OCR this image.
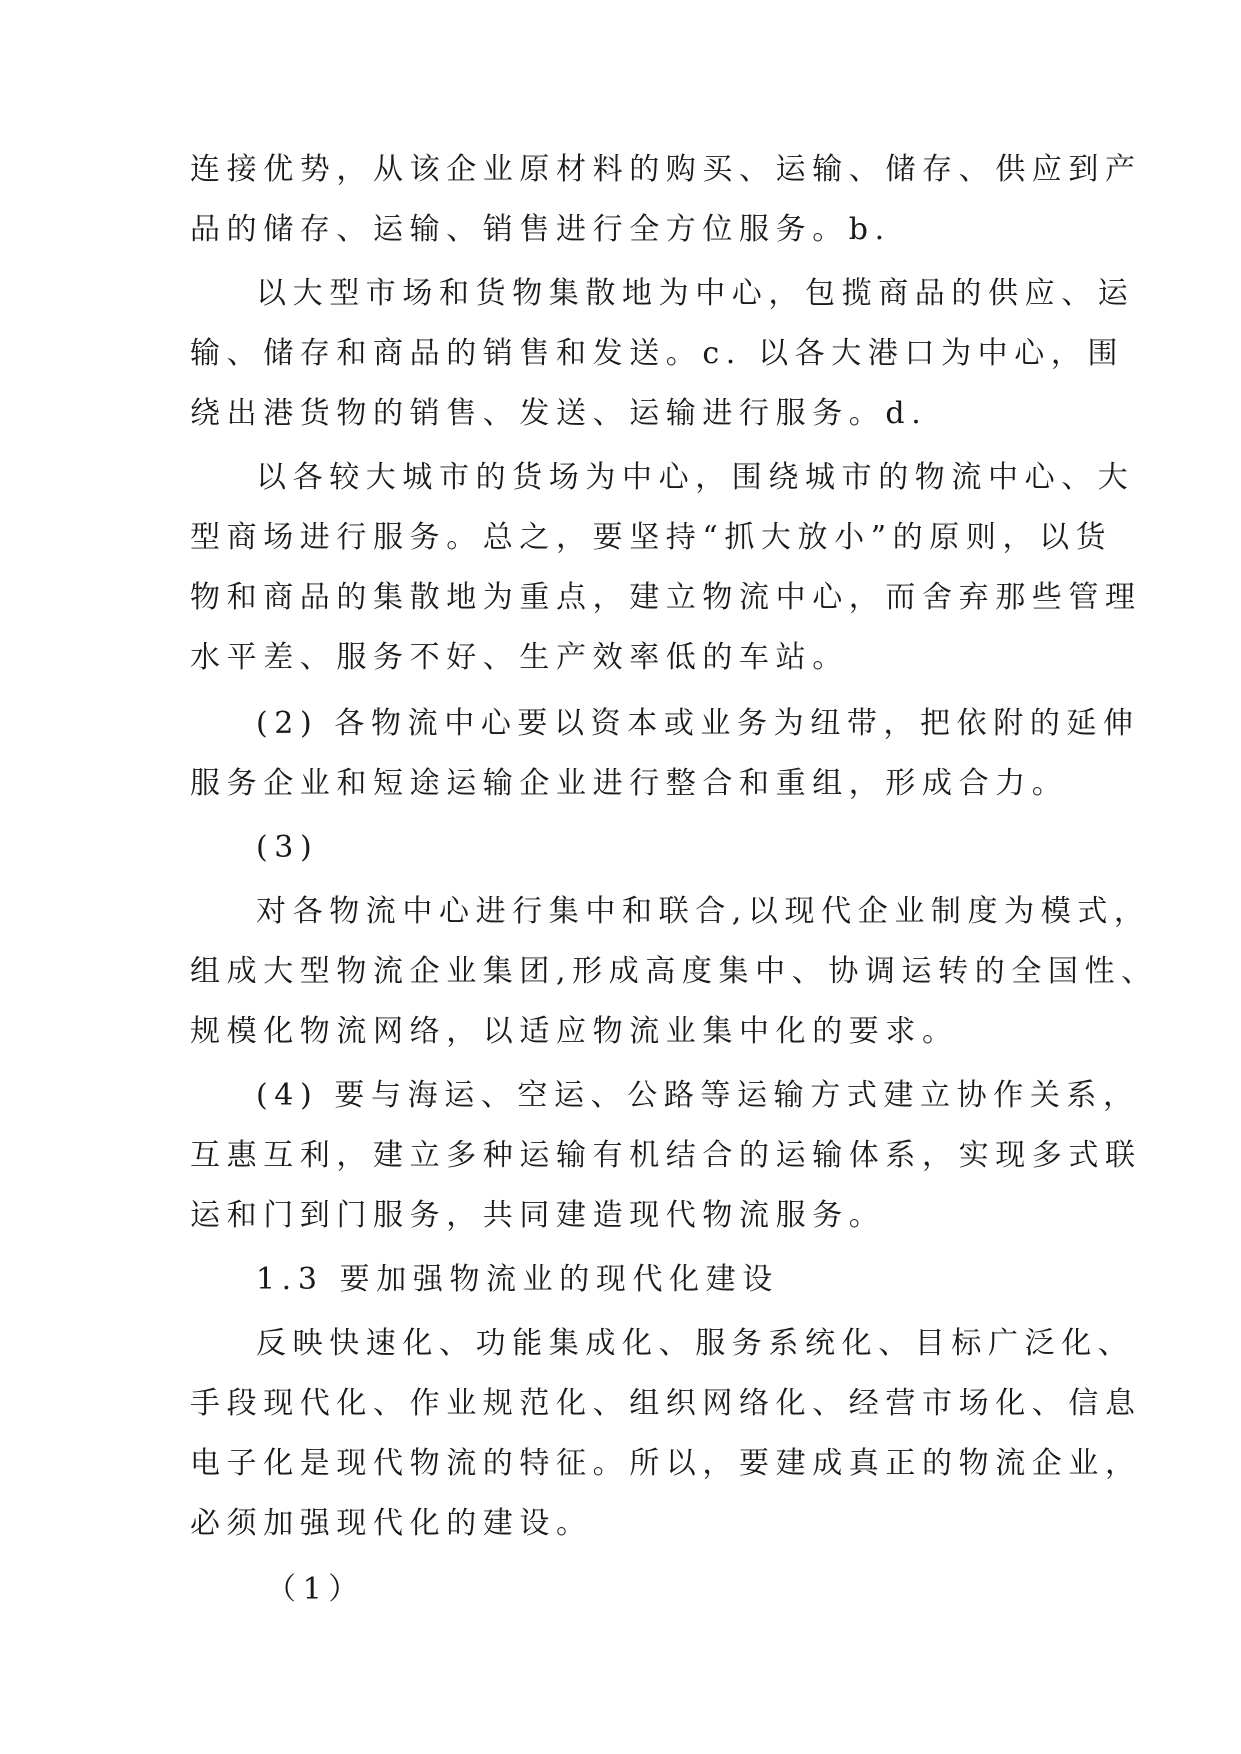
连接优势，从该企业原材料的购买、运输、储存、供应到产
品的储存、运输、销售进行全方位服务。b.
以大型市场和货物集散地为中心，包揽商品的供应、运
输、储存和商品的销售和发送。c. 以各大港口为中心，围
绕出港货物的销售、发送、运输进行服务。d.
以各较大城市的货场为中心，围绕城市的物流中心、大
型商场进行服务。总之，要坚持“抓大放小”的原则，以货
物和商品的集散地为重点，建立物流中心，而舍弃那些管理
水平差、服务不好、生产效率低的车站。
(2) 各物流中心要以资本或业务为纽带，把依附的延伸
服务企业和短途运输企业进行整合和重组，形成合力。
(3)
对各物流中心进行集中和联合,以现代企业制度为模式，
组成大型物流企业集团,形成高度集中、协调运转的全国性、
规模化物流网络，以适应物流业集中化的要求。
(4) 要与海运、空运、公路等运输方式建立协作关系，
互惠互利，建立多种运输有机结合的运输体系，实现多式联
运和门到门服务，共同建造现代物流服务。
1.3 要加强物流业的现代化建设
反映快速化、功能集成化、服务系统化、目标广泛化、
手段现代化、作业规范化、组织网络化、经营市场化、信息
电子化是现代物流的特征。所以，要建成真正的物流企业，
必须加强现代化的建设。
（1）
